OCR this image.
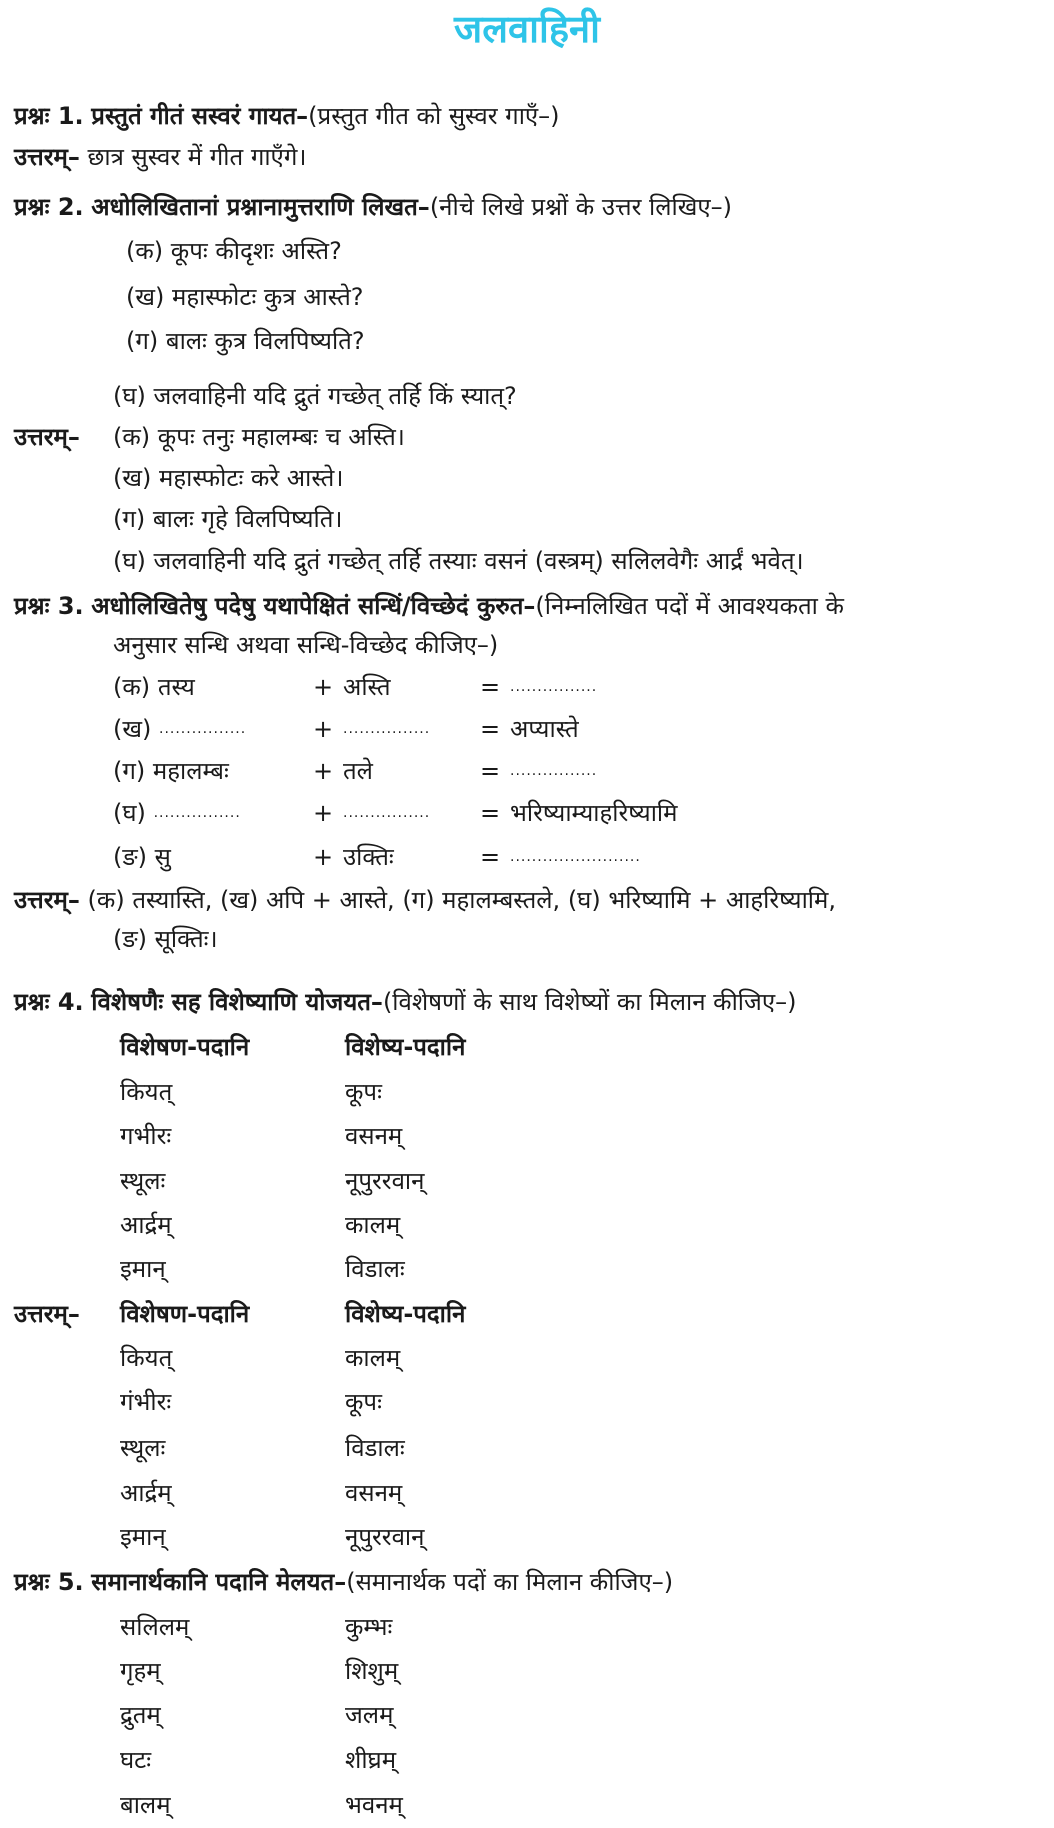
जलवाहिनी
प्रश्नः 1. प्रस्तुतं गीतं सस्वरं गायत–(प्रस्तुत गीत को सुस्वर गाएँ–)
उत्तरम्– छात्र सुस्वर में गीत गाएँगे।
प्रश्नः 2. अधोलिखितानां प्रश्नानामुत्तराणि लिखत–(नीचे लिखे प्रश्नों के उत्तर लिखिए–)
(क) कूपः कीदृशः अस्ति?
(ख) महास्फोटः कुत्र आस्ते?
(ग) बालः कुत्र विलपिष्यति?
(घ) जलवाहिनी यदि द्रुतं गच्छेत् तर्हि किं स्यात्?
उत्तरम्– (क) कूपः तनुः महालम्बः च अस्ति।
(ख) महास्फोटः करे आस्ते।
(ग) बालः गृहे विलपिष्यति।
(घ) जलवाहिनी यदि द्रुतं गच्छेत् तर्हि तस्याः वसनं (वस्त्रम्) सलिलवेगैः आर्द्रं भवेत्।
प्रश्नः 3. अधोलिखितेषु पदेषु यथापेक्षितं सन्धिं/विच्छेदं कुरुत–(निम्नलिखित पदों में आवश्यकता के
अनुसार सन्धि अथवा सन्धि-विच्छेद कीजिए–)
(क) तस्य	+ अस्ति	= ................
(ख) ................	+ ................ = अप्यास्ते
(ग) महालम्बः	+ तले	= ................
(घ) ................	+ ................ = भरिष्याम्याहरिष्यामि
(ङ) सु	+ उक्तिः	= ........................
उत्तरम्– (क) तस्यास्ति, (ख) अपि + आस्ते, (ग) महालम्बस्तले, (घ) भरिष्यामि + आहरिष्यामि,
(ङ) सूक्तिः।
प्रश्नः 4. विशेषणैः सह विशेष्याणि योजयत–(विशेषणों के साथ विशेष्यों का मिलान कीजिए–)
विशेषण-पदानि	विशेष्य-पदानि
कियत्	कूपः
गभीरः	वसनम्
स्थूलः	नूपुररवान्
आर्द्रम्	कालम्
इमान्	विडालः
उत्तरम्– विशेषण-पदानि	विशेष्य-पदानि
कियत्	कालम्
गंभीरः	कूपः
स्थूलः	विडालः
आर्द्रम्	वसनम्
इमान्	नूपुररवान्
प्रश्नः 5. समानार्थकानि पदानि मेलयत–(समानार्थक पदों का मिलान कीजिए–)
सलिलम्	कुम्भः
गृहम्	शिशुम्
द्रुतम्	जलम्
घटः	शीघ्रम्
बालम्	भवनम्
